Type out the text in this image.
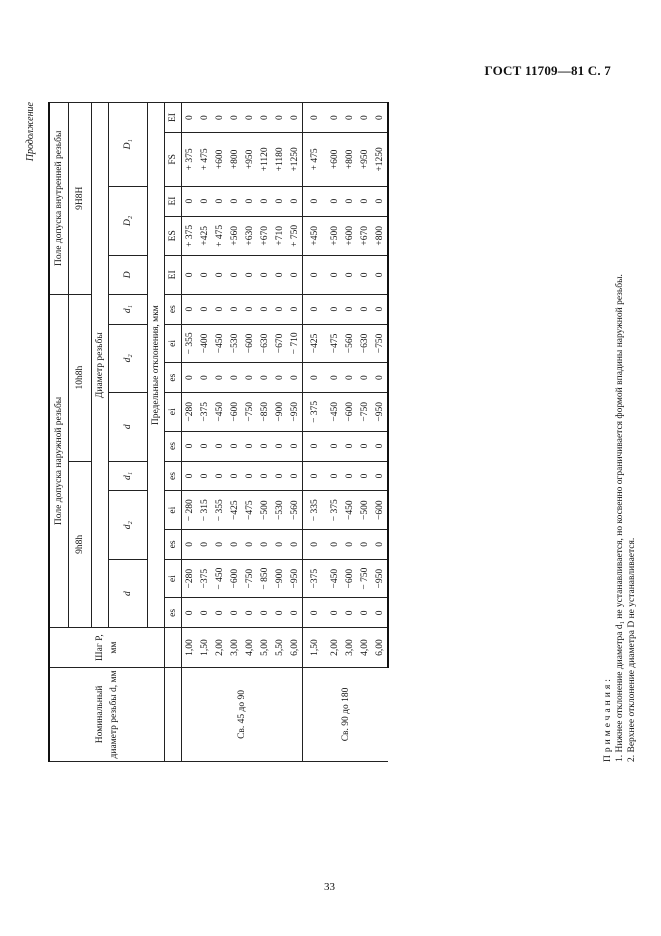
ГОСТ 11709—81 С. 7
Продолжение
Номинальный диаметр резьбы d, мм	Шаг P, мм	Поле допуска наружной резьбы										Поле допуска внутренней резьбы				
		9h8h					10h8h					9H8H				
		Диаметр резьбы														
		d		d₂		d₁	d		d₂		d₁	D	D₂		D₁	
		Предельные отклонения, мкм														
		es	ei	es	ei	es	es	ei	es	ei	es	EI	ES	EI	FS	EI
Св. 45 до 90	1,00	0	−280	0	− 280	0	0	−280	0	− 355	0	0	+ 375	0	+ 375	0
	1,50	0	−375	0	− 315	0	0	−375	0	−400	0	0	+425	0	+ 475	0
	2,00	0	− 450	0	− 355	0	0	−450	0	−450	0	0	+ 475	0	+600	0
	3,00	0	−600	0	−425	0	0	−600	0	−530	0	0	+560	0	+800	0
	4,00	0	−750	0	−475	0	0	−750	0	−600	0	0	+630	0	+950	0
	5,00	0	− 850	0	−500	0	0	−850	0	−630	0	0	+670	0	+1120	0
	5,50	0	−900	0	−530	0	0	−900	0	−670	0	0	+710	0	+1180	0
	6,00	0	−950	0	−560	0	0	−950	0	− 710	0	0	+ 750	0	+1250	0
Св. 90 до 180	1,50	0	−375	0	− 335	0	0	− 375	0	−425	0	0	+450	0	+ 475	0
	2,00	0	−450	0	− 375	0	0	−450	0	−475	0	0	+500	0	+600	0
	3,00	0	−600	0	−450	0	0	−600	0	−560	0	0	+600	0	+800	0
	4,00	0	− 750	0	−500	0	0	−750	0	−630	0	0	+670	0	+950	0
	6,00	0	−950	0	−600	0	0	−950	0	−750	0	0	+800	0	+1250	0
Примечания: 1. Нижнее отклонение диаметра d₁ не устанавливается, но косвенно ограничивается формой впадины наружной резьбы. 2. Верхнее отклонение диаметра D не устанавливается.
33
